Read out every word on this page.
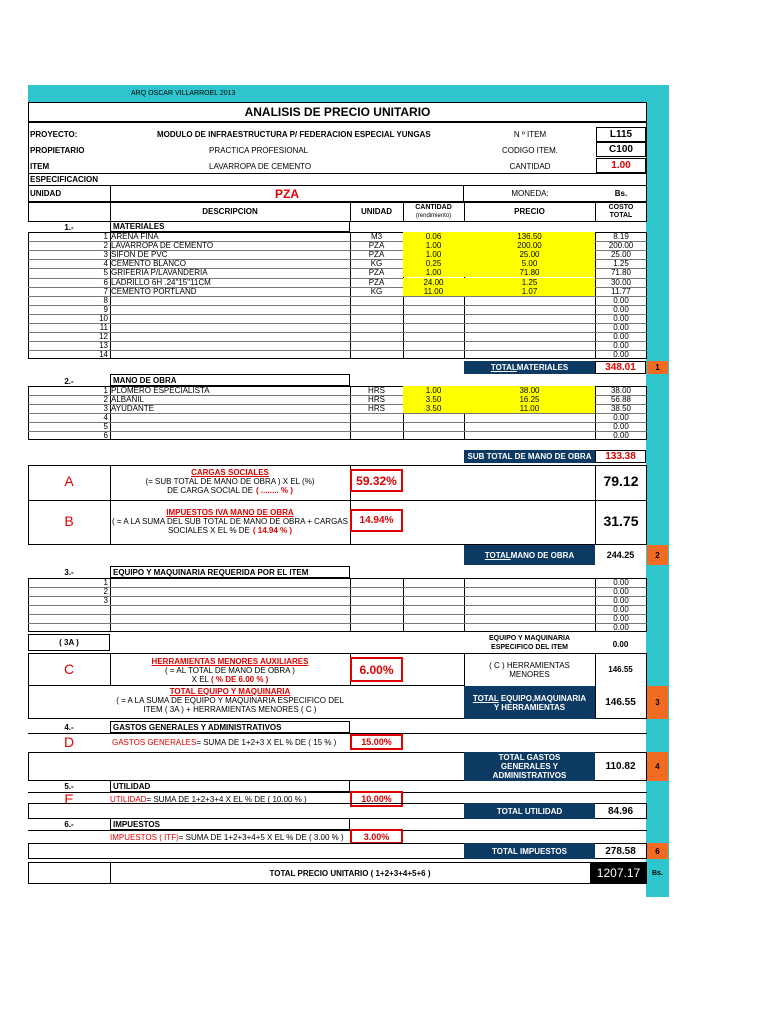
ARQ OSCAR VILLARROEL 2013
ANALISIS DE PRECIO UNITARIO
PROYECTO:	MODULO DE INFRAESTRUCTURA P/ FEDERACION ESPECIAL YUNGAS	N º ITEM	L115
PROPIETARIO	PRACTICA PROFESIONAL	CODIGO ITEM.	C100
ITEM	LAVARROPA DE CEMENTO	CANTIDAD	1.00
ESPECIFICACION
UNIDAD	PZA	MONEDA:	Bs.
DESCRIPCION	UNIDAD	CANTIDAD
(rendimiento)
PRECIO	COSTO
TOTAL
1.-	MATERIALES
1 ARENA FINA	M3	0.06	136.50	8.19
2 LAVARROPA DE CEMENTO	PZA	1.00	200.00	200.00
3 SIFON DE PVC	PZA	1.00	25.00	25.00
4 CEMENTO BLANCO	KG	0.25	5.00	1.25
5 GRIFERIA P/LAVANDERIA	PZA	1.00	71.80	71.80
6 LADRILLO 6H .24"15"11CM	PZA	24.00	1.25	30.00
7 CEMENTO PORTLAND	KG	11.00	1.07	11.77
8	0.00
9	0.00
10	0.00
11	0.00
12	0.00
13	0.00
14	0.00
TOTAL MATERIALES	348.01	1
2.-	MANO DE OBRA
1 PLOMERO ESPECIALISTA	HRS	1.00	38.00	38.00
2 ALBAÑIL	HRS	3.50	16.25	56.88
3 AYUDANTE	HRS	3.50	11.00	38.50
4	0.00
5	0.00
6	0.00
SUB TOTAL DE MANO DE OBRA	133.38
A
CARGAS SOCIALES
(= SUB TOTAL DE MANO DE OBRA ) X EL (%)
DE CARGA SOCIAL DE ( ........ % )
59.32%	79.12
B
IMPUESTOS IVA MANO DE OBRA
( = A LA SUMA DEL SUB TOTAL DE MANO DE OBRA + CARGAS
SOCIALES X EL % DE ( 14.94 % )
14.94%	31.75
TOTAL MANO DE OBRA	244.25	2
3.-	EQUIPO Y MAQUINARIA REQUERIDA POR EL ITEM
1	0.00
2	0.00
3	0.00
0.00
0.00
0.00
( 3A )	EQUIPO Y MAQUINARIA
ESPECIFICO DEL ITEM	0.00
C	HERRAMIENTAS MENORES AUXILIARES
( = AL TOTAL DE MANO DE OBRA )
X EL ( % DE 6.00 % )
6.00%	( C ) HERRAMIENTAS
MENORES
146.55
TOTAL EQUIPO Y MAQUINARIA
( = A LA SUMA DE EQUIPO Y MAQUINARIA ESPECIFICO DEL
ITEM ( 3A ) + HERRAMIENTAS MENORES ( C )
TOTAL EQUIPO,MAQUINARIA
Y HERRAMIENTAS	146.55	3
4.-	GASTOS GENERALES Y ADMINISTRATIVOS
D	GASTOS GENERALES = SUMA DE 1+2+3 X EL % DE ( 15 % )	15.00%
TOTAL GASTOS
GENERALES Y
ADMINISTRATIVOS
110.82	4
5.-	UTILIDAD
E	UTILIDAD = SUMA DE 1+2+3+4 X EL % DE ( 10.00 % )	10.00%
TOTAL UTILIDAD	84.96
6.-	IMPUESTOS
IMPUESTOS ( ITF) = SUMA DE 1+2+3+4+5 X EL % DE ( 3.00 % )	3.00%
TOTAL IMPUESTOS	278.58	6
TOTAL PRECIO UNITARIO ( 1+2+3+4+5+6 )	1207.17	Bs.
